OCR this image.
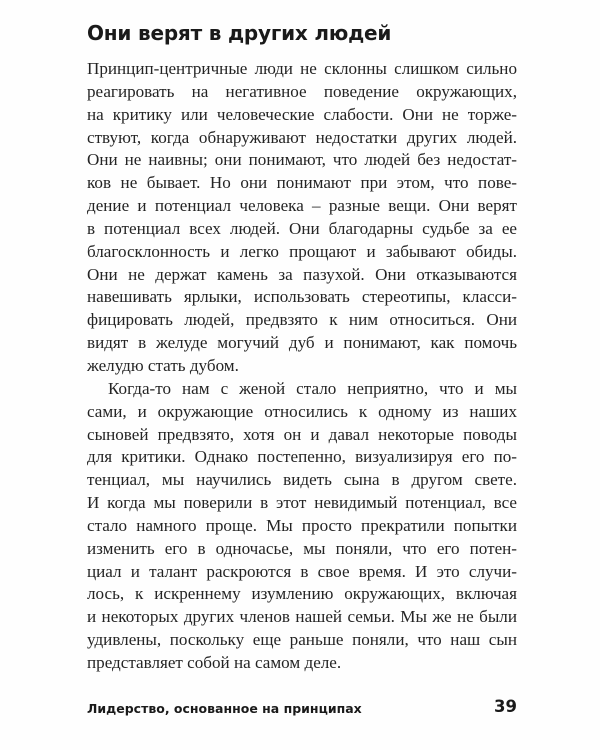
Они верят в других людей
Принцип-центричные люди не склонны слишком сильно
реагировать на негативное поведение окружающих,
на критику или человеческие слабости. Они не торже-
ствуют, когда обнаруживают недостатки других людей.
Они не наивны; они понимают, что людей без недостат-
ков не бывает. Но они понимают при этом, что пове-
дение и потенциал человека – разные вещи. Они верят
в потенциал всех людей. Они благодарны судьбе за ее
благосклонность и легко прощают и забывают обиды.
Они не держат камень за пазухой. Они отказываются
навешивать ярлыки, использовать стереотипы, класси-
фицировать людей, предвзято к ним относиться. Они
видят в желуде могучий дуб и понимают, как помочь
желудю стать дубом.
Когда-то нам с женой стало неприятно, что и мы
сами, и окружающие относились к одному из наших
сыновей предвзято, хотя он и давал некоторые поводы
для критики. Однако постепенно, визуализируя его по-
тенциал, мы научились видеть сына в другом свете.
И когда мы поверили в этот невидимый потенциал, все
стало намного проще. Мы просто прекратили попытки
изменить его в одночасье, мы поняли, что его потен-
циал и талант раскроются в свое время. И это случи-
лось, к искреннему изумлению окружающих, включая
и некоторых других членов нашей семьи. Мы же не были
удивлены, поскольку еще раньше поняли, что наш сын
представляет собой на самом деле.
Лидерство, основанное на принципах	39
